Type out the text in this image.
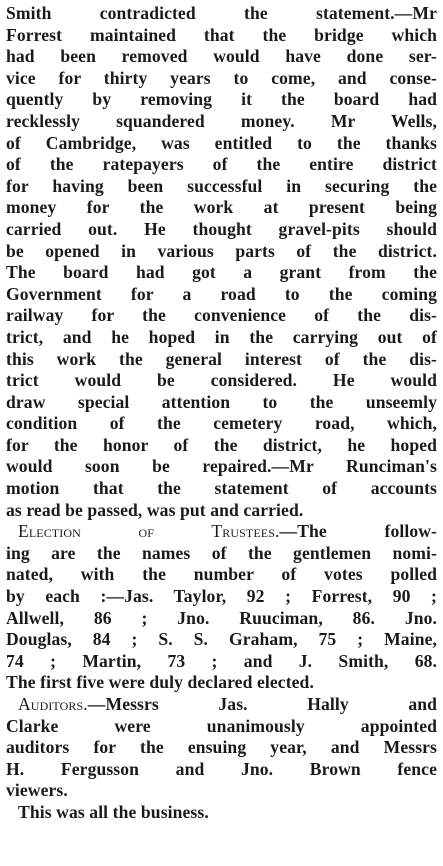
Smith contradicted the statement.—Mr
Forrest maintained that the bridge which
had been removed would have done ser-
vice for thirty years to come, and conse-
quently by removing it the board had
recklessly squandered money. Mr Wells,
of Cambridge, was entitled to the thanks
of the ratepayers of the entire district
for having been successful in securing the
money for the work at present being
carried out. He thought gravel-pits should
be opened in various parts of the district.
The board had got a grant from the
Government for a road to the coming
railway for the convenience of the dis-
trict, and he hoped in the carrying out of
this work the general interest of the dis-
trict would be considered. He would
draw special attention to the unseemly
condition of the cemetery road, which,
for the honor of the district, he hoped
would soon be repaired.—Mr Runciman's
motion that the statement of accounts
as read be passed, was put and carried.
Election of Trustees.—The follow-
ing are the names of the gentlemen nomi-
nated, with the number of votes polled
by each :—Jas. Taylor, 92 ; Forrest, 90 ;
Allwell, 86 ; Jno. Ruuciman, 86. Jno.
Douglas, 84 ; S. S. Graham, 75 ; Maine,
74 ; Martin, 73 ; and J. Smith, 68.
The first five were duly declared elected.
Auditors.—Messrs Jas. Hally and
Clarke were unanimously appointed
auditors for the ensuing year, and Messrs
H. Fergusson and Jno. Brown fence
viewers.
This was all the business.
